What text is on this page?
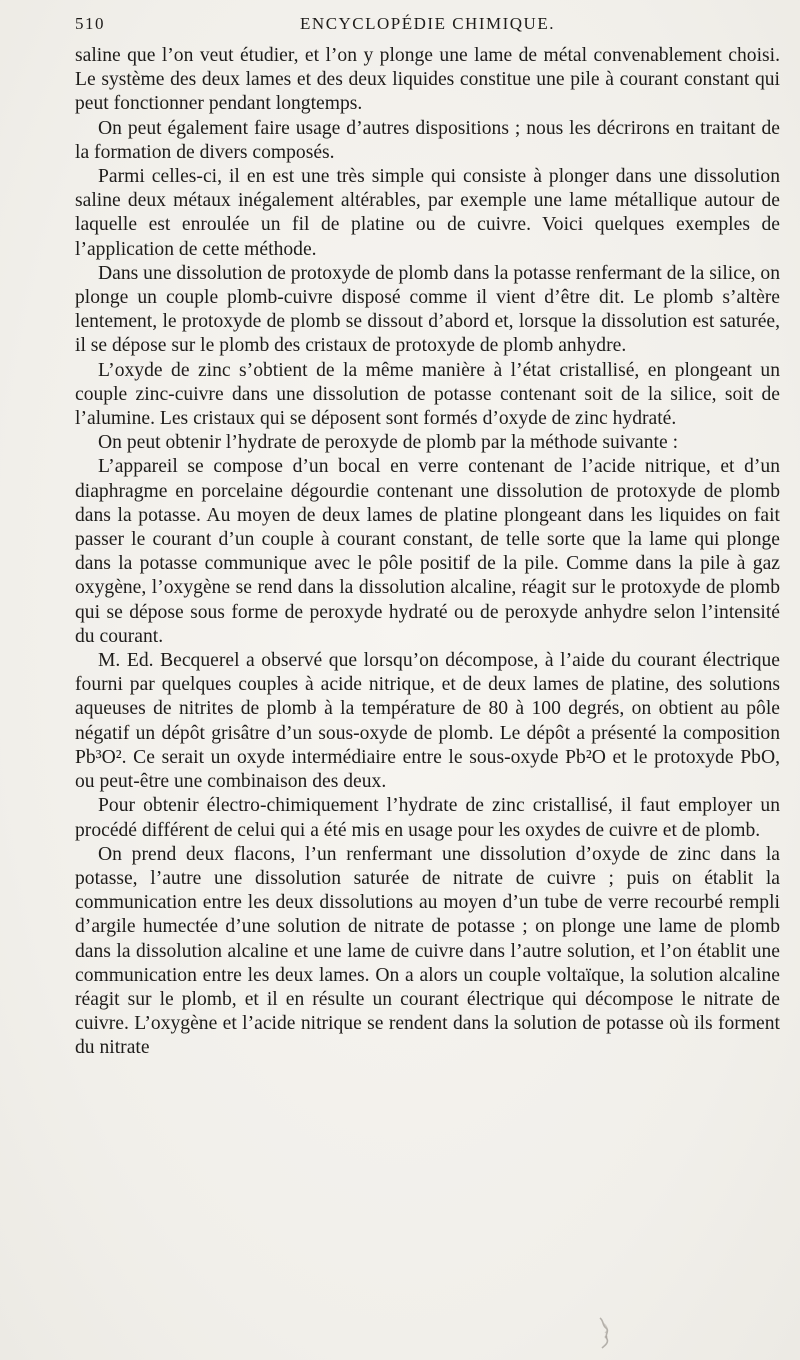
510	ENCYCLOPÉDIE CHIMIQUE.

saline que l’on veut étudier, et l’on y plonge une lame de métal convenablement choisi. Le système des deux lames et des deux liquides constitue une pile à courant constant qui peut fonctionner pendant longtemps.

On peut également faire usage d’autres dispositions ; nous les décrirons en traitant de la formation de divers composés.

Parmi celles-ci, il en est une très simple qui consiste à plonger dans une dissolution saline deux métaux inégalement altérables, par exemple une lame métallique autour de laquelle est enroulée un fil de platine ou de cuivre. Voici quelques exemples de l’application de cette méthode.

Dans une dissolution de protoxyde de plomb dans la potasse renfermant de la silice, on plonge un couple plomb-cuivre disposé comme il vient d’être dit. Le plomb s’altère lentement, le protoxyde de plomb se dissout d’abord et, lorsque la dissolution est saturée, il se dépose sur le plomb des cristaux de protoxyde de plomb anhydre.

L’oxyde de zinc s’obtient de la même manière à l’état cristallisé, en plongeant un couple zinc-cuivre dans une dissolution de potasse contenant soit de la silice, soit de l’alumine. Les cristaux qui se déposent sont formés d’oxyde de zinc hydraté.

On peut obtenir l’hydrate de peroxyde de plomb par la méthode suivante :

L’appareil se compose d’un bocal en verre contenant de l’acide nitrique, et d’un diaphragme en porcelaine dégourdie contenant une dissolution de protoxyde de plomb dans la potasse. Au moyen de deux lames de platine plongeant dans les liquides on fait passer le courant d’un couple à courant constant, de telle sorte que la lame qui plonge dans la potasse communique avec le pôle positif de la pile. Comme dans la pile à gaz oxygène, l’oxygène se rend dans la dissolution alcaline, réagit sur le protoxyde de plomb qui se dépose sous forme de peroxyde hydraté ou de peroxyde anhydre selon l’intensité du courant.

M. Ed. Becquerel a observé que lorsqu’on décompose, à l’aide du courant électrique fourni par quelques couples à acide nitrique, et de deux lames de platine, des solutions aqueuses de nitrites de plomb à la température de 80 à 100 degrés, on obtient au pôle négatif un dépôt grisâtre d’un sous-oxyde de plomb. Le dépôt a présenté la composition Pb³O². Ce serait un oxyde intermédiaire entre le sous-oxyde Pb²O et le protoxyde PbO, ou peut-être une combinaison des deux.

Pour obtenir électro-chimiquement l’hydrate de zinc cristallisé, il faut employer un procédé différent de celui qui a été mis en usage pour les oxydes de cuivre et de plomb.

On prend deux flacons, l’un renfermant une dissolution d’oxyde de zinc dans la potasse, l’autre une dissolution saturée de nitrate de cuivre ; puis on établit la communication entre les deux dissolutions au moyen d’un tube de verre recourbé rempli d’argile humectée d’une solution de nitrate de potasse ; on plonge une lame de plomb dans la dissolution alcaline et une lame de cuivre dans l’autre solution, et l’on établit une communication entre les deux lames. On a alors un couple voltaïque, la solution alcaline réagit sur le plomb, et il en résulte un courant électrique qui décompose le nitrate de cuivre. L’oxygène et l’acide nitrique se rendent dans la solution de potasse où ils forment du nitrate
